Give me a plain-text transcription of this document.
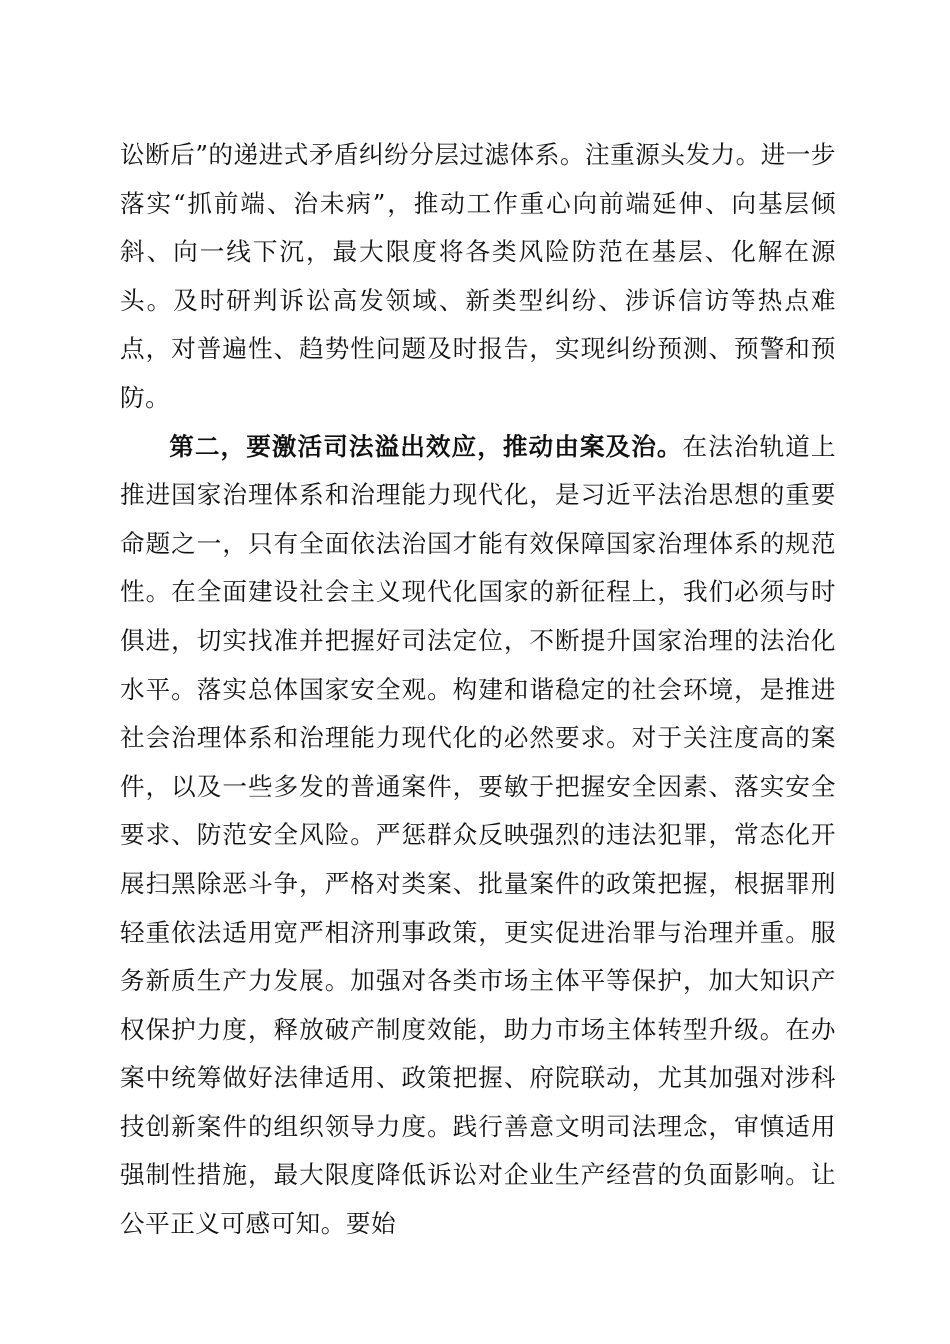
讼断后”的递进式矛盾纠纷分层过滤体系。注重源头发力。进一步落实“抓前端、治未病”，推动工作重心向前端延伸、向基层倾斜、向一线下沉，最大限度将各类风险防范在基层、化解在源头。及时研判诉讼高发领域、新类型纠纷、涉诉信访等热点难点，对普遍性、趋势性问题及时报告，实现纠纷预测、预警和预防。

第二，要激活司法溢出效应，推动由案及治。在法治轨道上推进国家治理体系和治理能力现代化，是习近平法治思想的重要命题之一，只有全面依法治国才能有效保障国家治理体系的规范性。在全面建设社会主义现代化国家的新征程上，我们必须与时俱进，切实找准并把握好司法定位，不断提升国家治理的法治化水平。落实总体国家安全观。构建和谐稳定的社会环境，是推进社会治理体系和治理能力现代化的必然要求。对于关注度高的案件，以及一些多发的普通案件，要敏于把握安全因素、落实安全要求、防范安全风险。严惩群众反映强烈的违法犯罪，常态化开展扫黑除恶斗争，严格对类案、批量案件的政策把握，根据罪刑轻重依法适用宽严相济刑事政策，更实促进治罪与治理并重。服务新质生产力发展。加强对各类市场主体平等保护，加大知识产权保护力度，释放破产制度效能，助力市场主体转型升级。在办案中统筹做好法律适用、政策把握、府院联动，尤其加强对涉科技创新案件的组织领导力度。践行善意文明司法理念，审慎适用强制性措施，最大限度降低诉讼对企业生产经营的负面影响。让公平正义可感可知。要始
